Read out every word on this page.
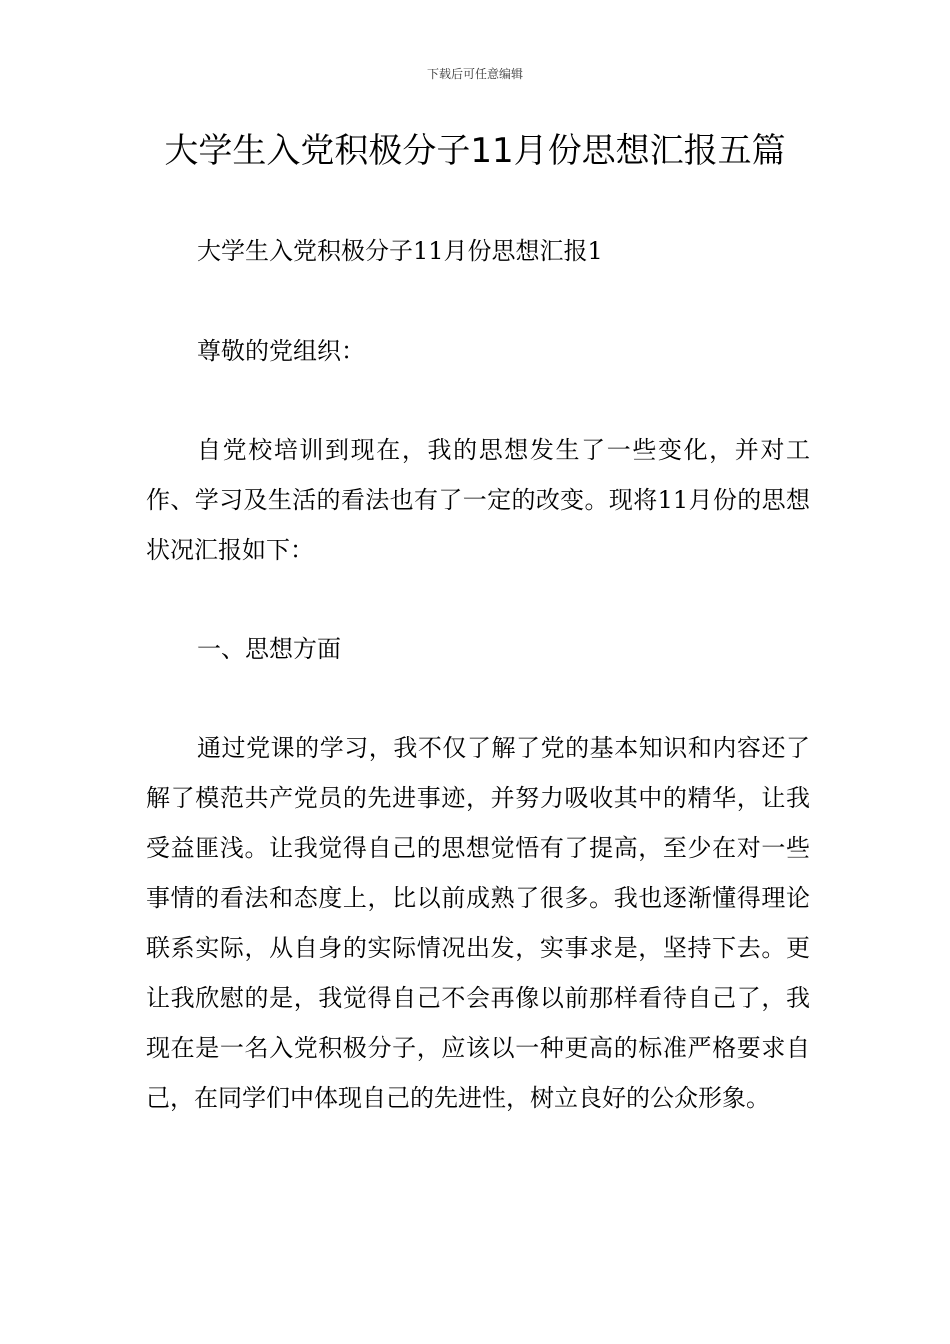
下载后可任意编辑
大学生入党积极分子11月份思想汇报五篇

大学生入党积极分子11月份思想汇报1

尊敬的党组织：

自党校培训到现在，我的思想发生了一些变化，并对工作、学习及生活的看法也有了一定的改变。现将11月份的思想状况汇报如下：

一、思想方面

通过党课的学习，我不仅了解了党的基本知识和内容还了解了模范共产党员的先进事迹，并努力吸收其中的精华，让我受益匪浅。让我觉得自己的思想觉悟有了提高，至少在对一些事情的看法和态度上，比以前成熟了很多。我也逐渐懂得理论联系实际，从自身的实际情况出发，实事求是，坚持下去。更让我欣慰的是，我觉得自己不会再像以前那样看待自己了，我现在是一名入党积极分子，应该以一种更高的标准严格要求自己，在同学们中体现自己的先进性，树立良好的公众形象。
